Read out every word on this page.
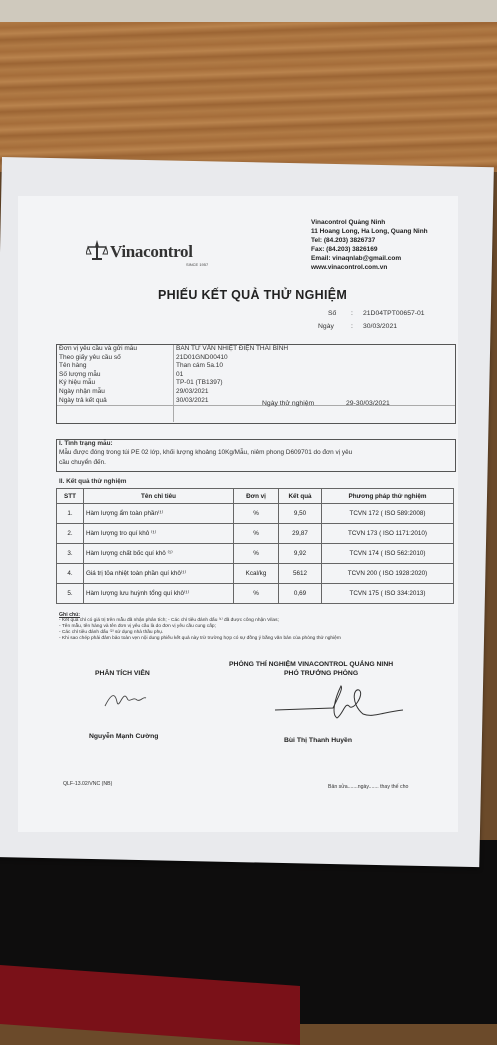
Vinacontrol
SINCE 1957
Vinacontrol Quảng Ninh
11 Hoang Long, Ha Long, Quang Ninh
Tel: (84.203) 3826737
Fax: (84.203) 3826169
Email: vinaqnlab@gmail.com
www.vinacontrol.com.vn
PHIẾU KẾT QUẢ THỬ NGHIỆM
Số : 21D04TPT00657-01
Ngày	: 30/03/2021
Đơn vị yêu cầu và gửi mẫu	BAN TƯ VẤN NHIỆT ĐIỆN THÁI BÌNH
Theo giấy yêu cầu số	21D01GND00410
Tên hàng	Than cám 5a.10
Số lượng mẫu	01
Ký hiệu mẫu	TP-01 (TB1397)
Ngày nhận mẫu	29/03/2021
Ngày trả kết quả	30/03/2021	Ngày thử nghiệm	29-30/03/2021
I. Tình trạng mẫu:
Mẫu được đóng trong túi PE 02 lớp, khối lượng khoảng 10Kg/Mẫu, niêm phong D609701 do đơn vị yêu
cầu chuyển đến.
II. Kết quả thử nghiệm
STT	Tên chỉ tiêu	Đơn vị	Kết quả	Phương pháp thử nghiệm
1.	Hàm lượng ẩm toàn phần⁽¹⁾	%	9,50	TCVN 172 ( ISO 589:2008)
2.	Hàm lượng tro quí khô ⁽¹⁾	%	29,87	TCVN 173 ( ISO 1171:2010)
3.	Hàm lượng chất bốc quí khô ⁽¹⁾	%	9,92	TCVN 174 ( ISO 562:2010)
4.	Giá trị tỏa nhiệt toàn phần quí khô⁽¹⁾	Kcal/kg	5612	TCVN 200 ( ISO 1928:2020)
5.	Hàm lượng lưu huỳnh tổng quí khô⁽¹⁾	%	0,69	TCVN 175 ( ISO 334:2013)
Ghi chú:
- Kết quả chỉ có giá trị trên mẫu đã nhận phân tích; - Các chỉ tiêu đánh dấu ⁽¹⁾ đã được công nhận Vilas;
- Tên mẫu, tên hàng và tên đơn vị yêu cầu là do đơn vị yêu cầu cung cấp;
- Các chỉ tiêu đánh dấu ⁽²⁾ sử dụng nhà thầu phụ.
- Khi sao chép phải đảm bảo toàn vẹn nội dung phiếu kết quả này trừ trường hợp có sự đồng ý bằng văn bản của phòng thử nghiệm
PHÒNG THÍ NGHIỆM VINACONTROL QUẢNG NINH
PHÂN TÍCH VIÊN	PHÓ TRƯỞNG PHÒNG
Nguyễn Mạnh Cường
Bùi Thị Thanh Huyền
QLF-13.02/VNC (NB)	Bản sửa.......ngày....... thay thế cho
